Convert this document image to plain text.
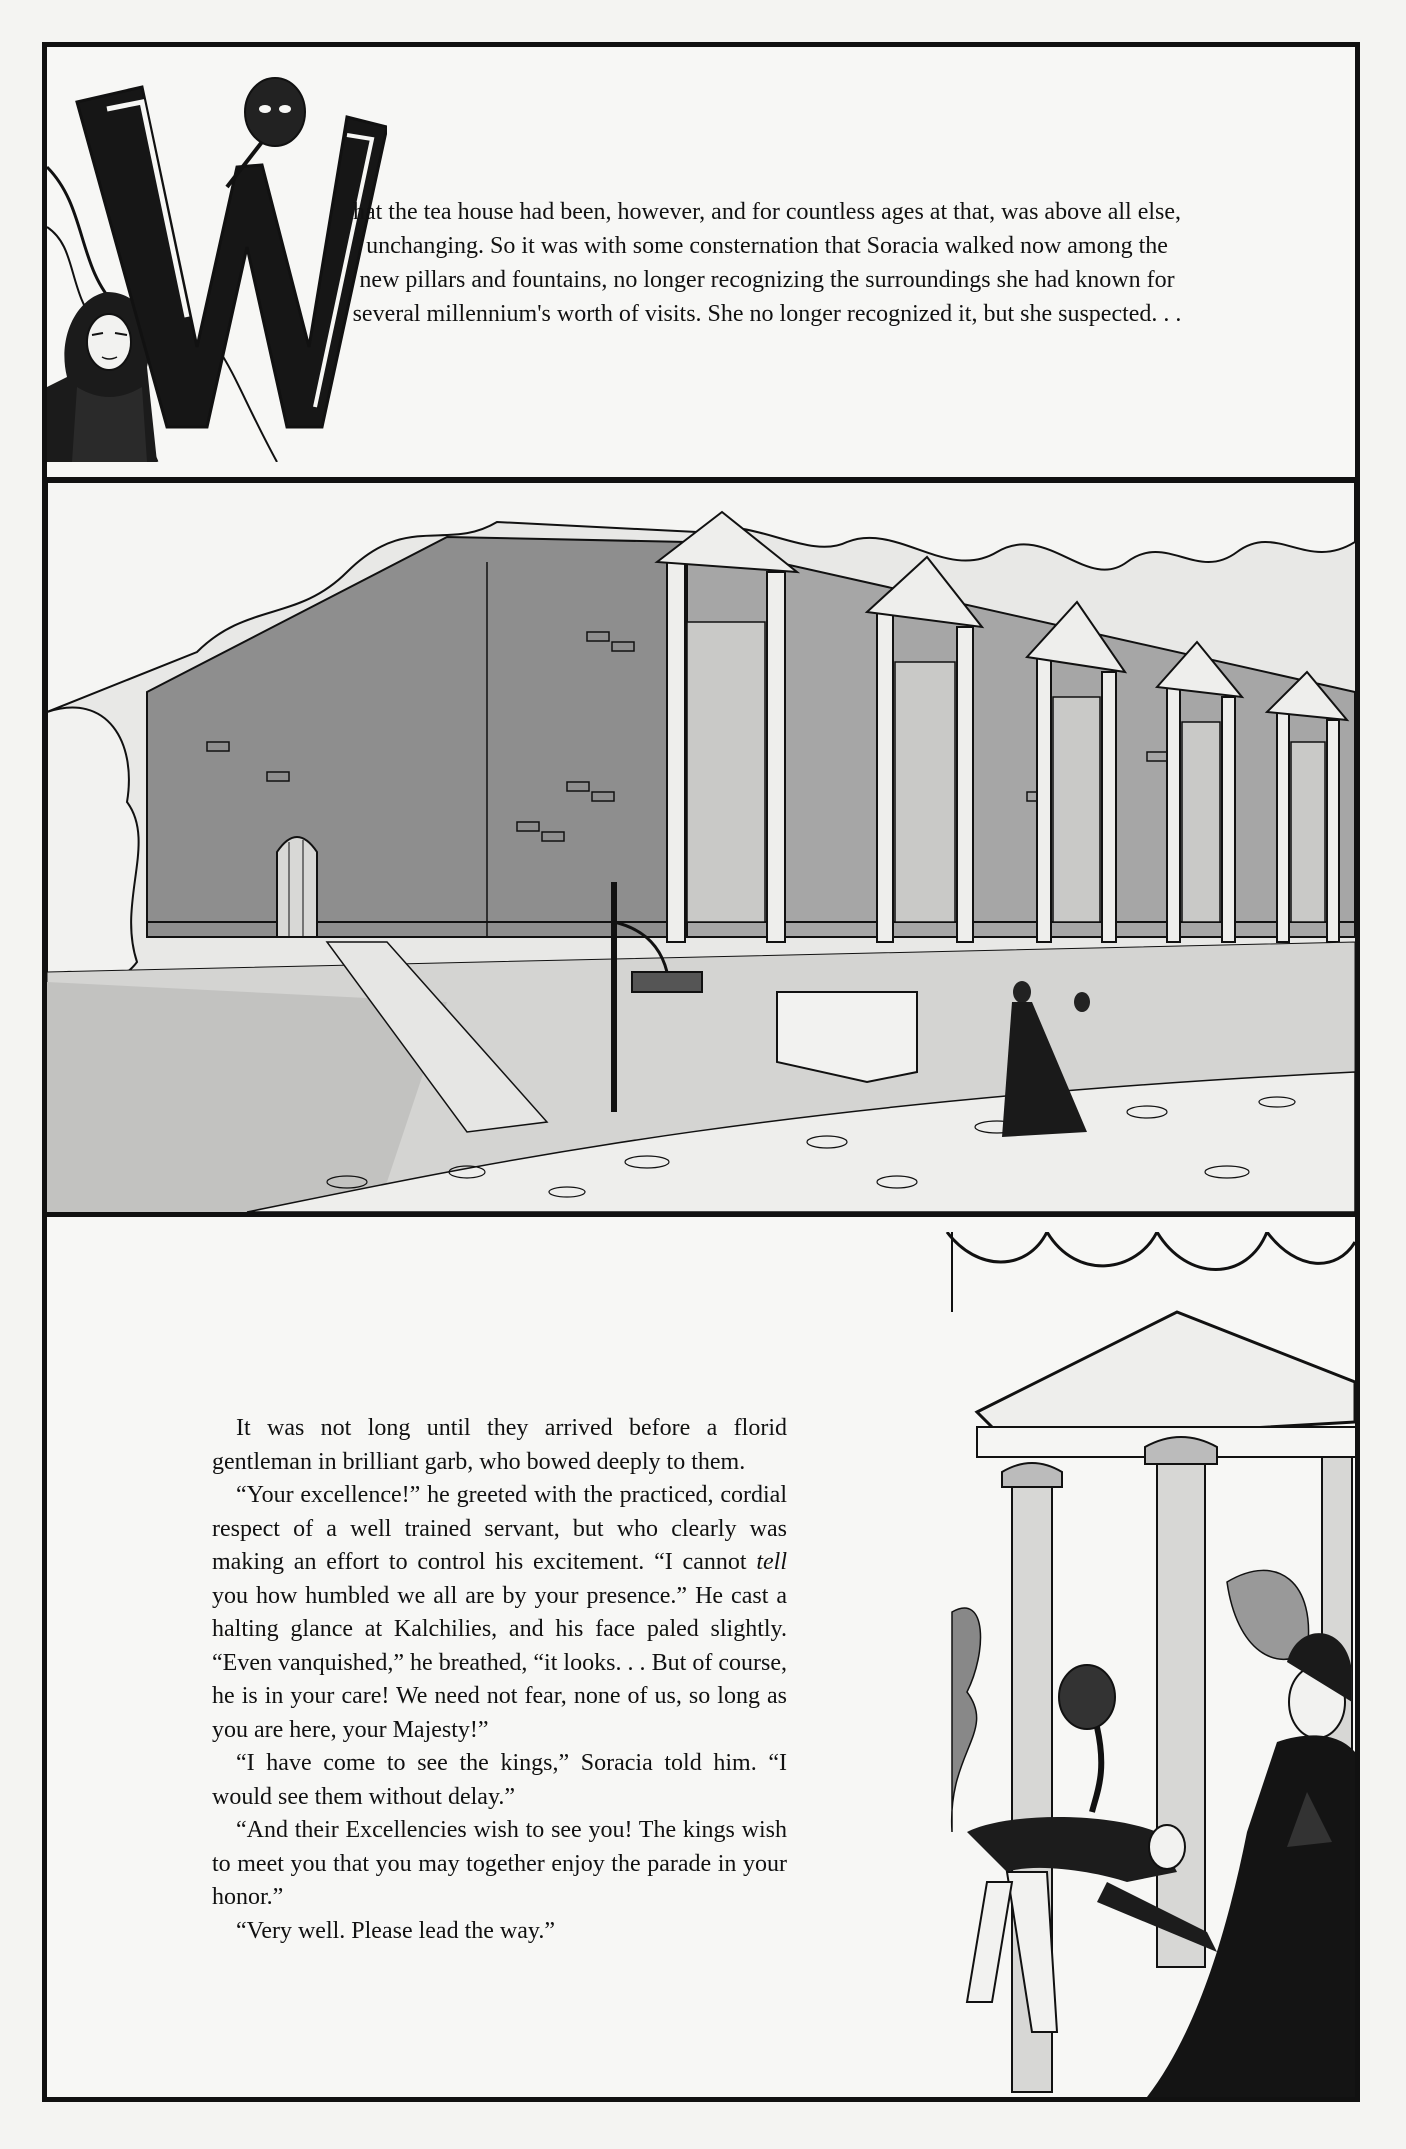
hat the tea house had been, however, and for countless ages at that, was above all else, unchanging. So it was with some consternation that Soracia walked now among the new pillars and fountains, no longer recognizing the surroundings she had known for several millennium's worth of visits. She no longer recognized it, but she suspected. . .

It was not long until they arrived before a florid gentleman in brilliant garb, who bowed deeply to them.

“Your excellence!” he greeted with the practiced, cordial respect of a well trained servant, but who clearly was making an effort to control his excitement. “I cannot tell you how humbled we all are by your presence.” He cast a halting glance at Kalchilies, and his face paled slightly. “Even vanquished,” he breathed, “it looks. . . But of course, he is in your care! We need not fear, none of us, so long as you are here, your Majesty!”

“I have come to see the kings,” Soracia told him. “I would see them without delay.”

“And their Excellencies wish to see you! The kings wish to meet you that you may together enjoy the parade in your honor.”

“Very well. Please lead the way.”
